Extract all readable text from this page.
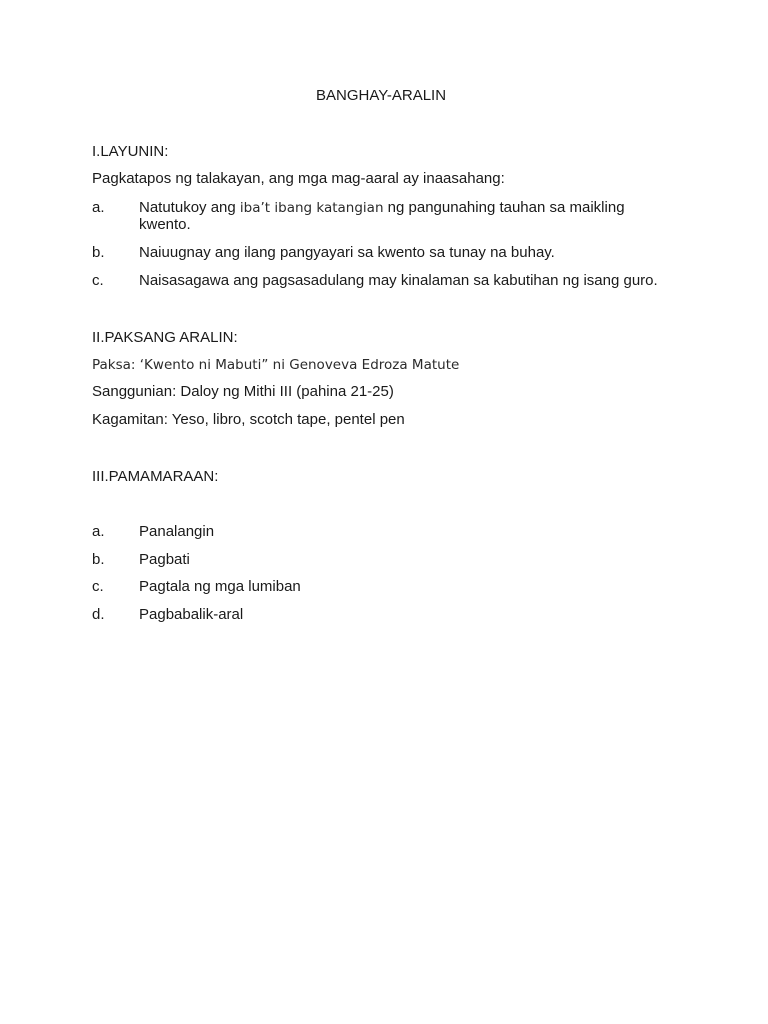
BANGHAY-ARALIN
I.LAYUNIN:
Pagkatapos ng talakayan, ang mga mag-aaral ay inaasahang:
a. Natutukoy ang iba’t ibang katangian ng pangunahing tauhan sa maikling
kwento.
b. Naiuugnay ang ilang pangyayari sa kwento sa tunay na buhay.
c. Naisasagawa ang pagsasadulang may kinalaman sa kabutihan ng isang guro.
II.PAKSANG ARALIN:
Paksa: ‘Kwento ni Mabuti” ni Genoveva Edroza Matute
Sanggunian: Daloy ng Mithi III (pahina 21-25)
Kagamitan: Yeso, libro, scotch tape, pentel pen
III.PAMAMARAAN:
a. Panalangin
b. Pagbati
c. Pagtala ng mga lumiban
d. Pagbabalik-aral
